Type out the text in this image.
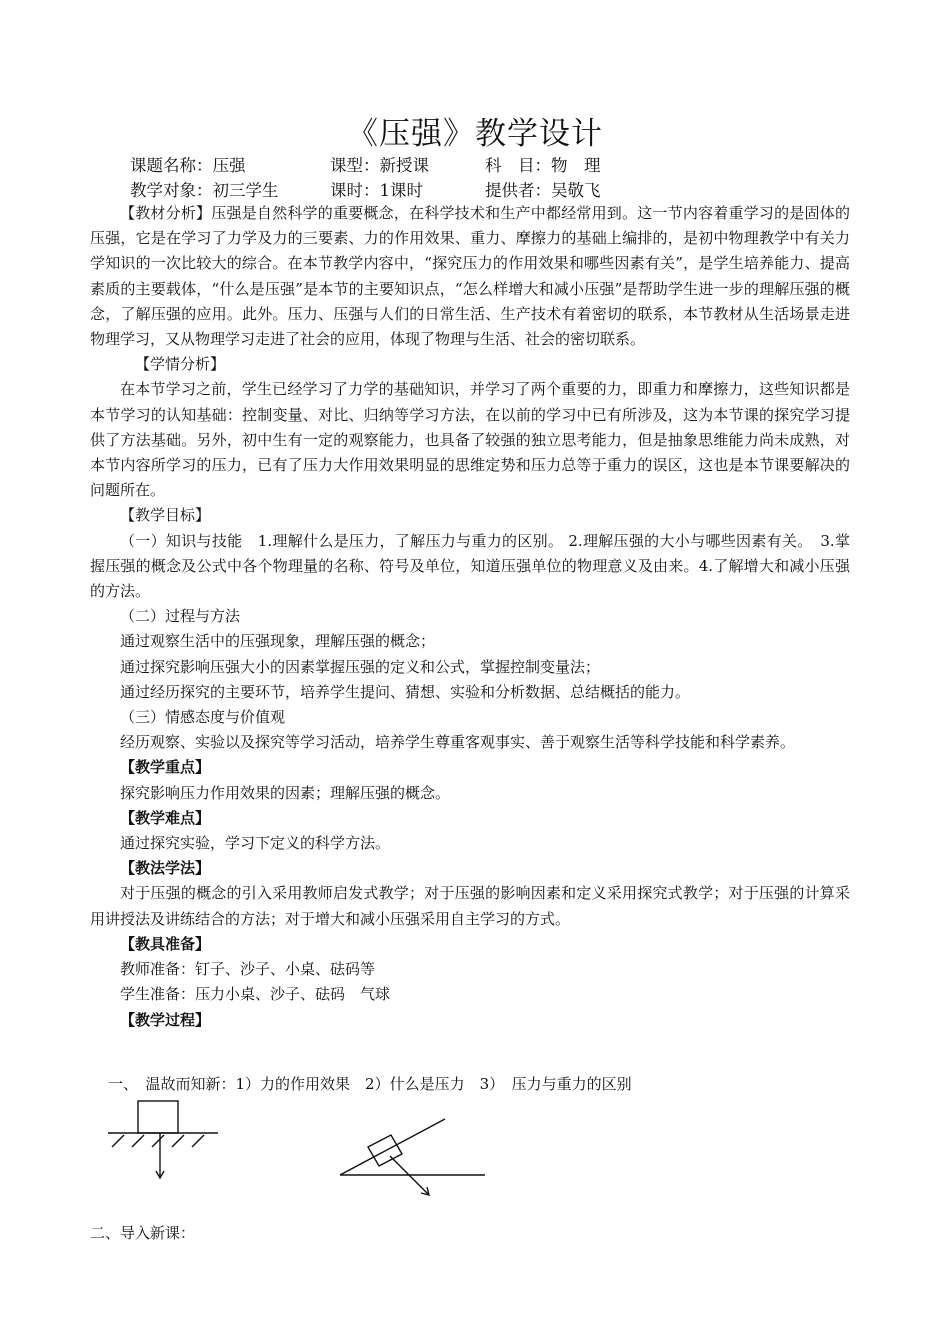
《压强》教学设计
课题名称：压强	课型：新授课	科　目：物　理
教学对象：初三学生	课时：1课时	提供者：吴敬飞

【教材分析】压强是自然科学的重要概念，在科学技术和生产中都经常用到。这一节内容着重学习的是固体的压强，它是在学习了力学及力的三要素、力的作用效果、重力、摩擦力的基础上编排的，是初中物理教学中有关力学知识的一次比较大的综合。在本节教学内容中，“探究压力的作用效果和哪些因素有关”，是学生培养能力、提高素质的主要载体，“什么是压强”是本节的主要知识点，“怎么样增大和减小压强”是帮助学生进一步的理解压强的概念，了解压强的应用。此外。压力、压强与人们的日常生活、生产技术有着密切的联系，本节教材从生活场景走进物理学习，又从物理学习走进了社会的应用，体现了物理与生活、社会的密切联系。

【学情分析】

在本节学习之前，学生已经学习了力学的基础知识，并学习了两个重要的力，即重力和摩擦力，这些知识都是本节学习的认知基础：控制变量、对比、归纳等学习方法，在以前的学习中已有所涉及，这为本节课的探究学习提供了方法基础。另外，初中生有一定的观察能力，也具备了较强的独立思考能力，但是抽象思维能力尚未成熟，对本节内容所学习的压力，已有了压力大作用效果明显的思维定势和压力总等于重力的误区，这也是本节课要解决的问题所在。

【教学目标】

（一）知识与技能　1.理解什么是压力，了解压力与重力的区别。 2.理解压强的大小与哪些因素有关。　3.掌握压强的概念及公式中各个物理量的名称、符号及单位，知道压强单位的物理意义及由来。4.了解增大和减小压强的方法。

（二）过程与方法

通过观察生活中的压强现象，理解压强的概念；

通过探究影响压强大小的因素掌握压强的定义和公式，掌握控制变量法；

通过经历探究的主要环节，培养学生提问、猜想、实验和分析数据、总结概括的能力。

（三）情感态度与价值观

经历观察、实验以及探究等学习活动，培养学生尊重客观事实、善于观察生活等科学技能和科学素养。

【教学重点】

探究影响压力作用效果的因素；理解压强的概念。

【教学难点】

通过探究实验，学习下定义的科学方法。

【教法学法】

对于压强的概念的引入采用教师启发式教学；对于压强的影响因素和定义采用探究式教学；对于压强的计算采用讲授法及讲练结合的方法；对于增大和减小压强采用自主学习的方式。

【教具准备】

教师准备：钉子、沙子、小桌、砝码等

学生准备：压力小桌、沙子、砝码　气球

【教学过程】

一、　温故而知新：1）力的作用效果　2）什么是压力　3）　压力与重力的区别
二、导入新课：
